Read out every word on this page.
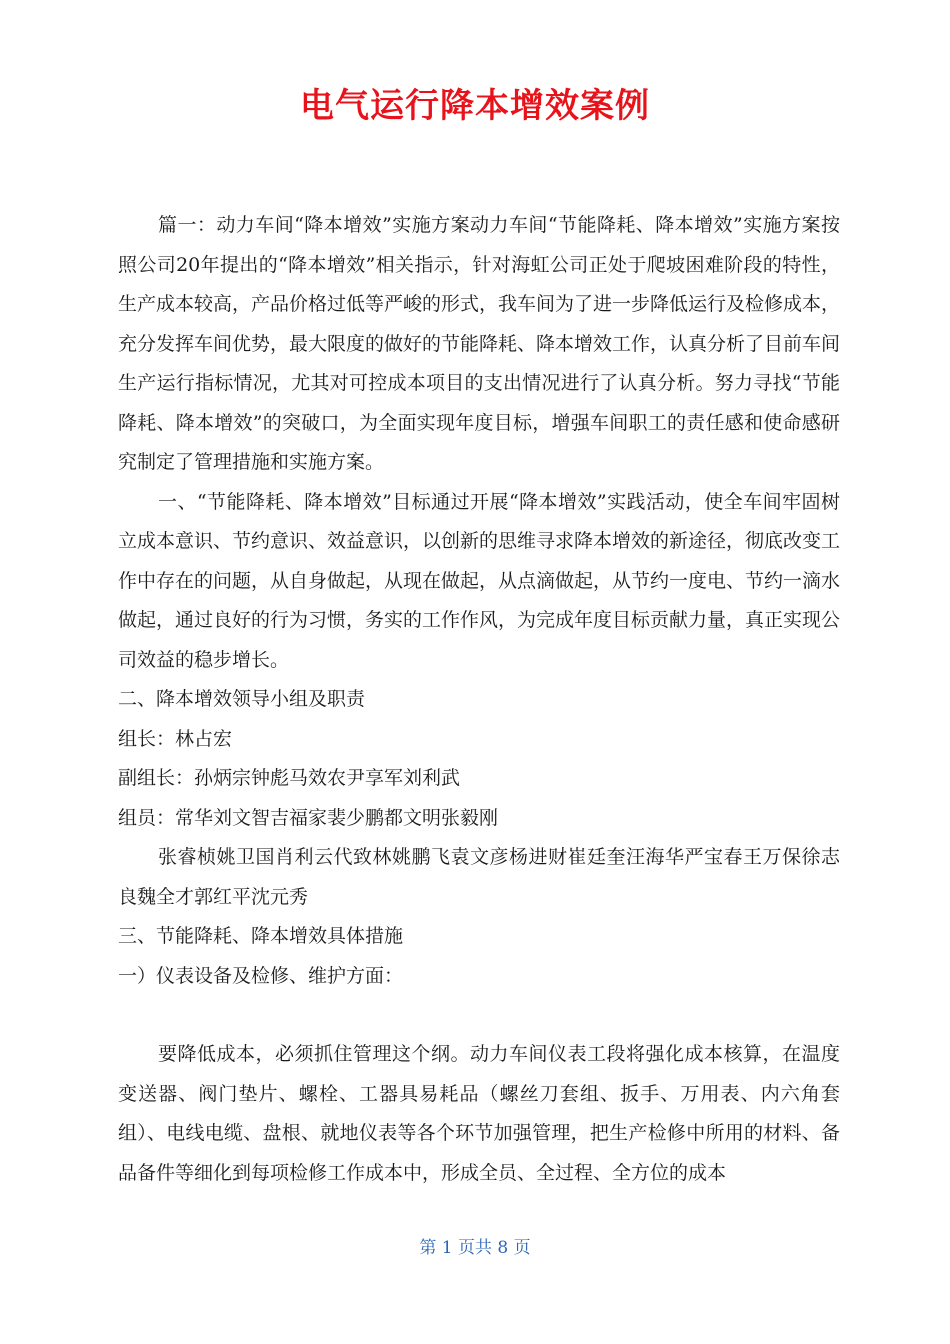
电气运行降本增效案例

篇一：动力车间“降本增效”实施方案动力车间“节能降耗、降本增效”实施方案按照公司20年提出的“降本增效”相关指示，针对海虹公司正处于爬坡困难阶段的特性，生产成本较高，产品价格过低等严峻的形式，我车间为了进一步降低运行及检修成本，充分发挥车间优势，最大限度的做好的节能降耗、降本增效工作，认真分析了目前车间生产运行指标情况，尤其对可控成本项目的支出情况进行了认真分析。努力寻找“节能降耗、降本增效”的突破口，为全面实现年度目标，增强车间职工的责任感和使命感研究制定了管理措施和实施方案。

一、“节能降耗、降本增效”目标通过开展“降本增效”实践活动，使全车间牢固树立成本意识、节约意识、效益意识，以创新的思维寻求降本增效的新途径，彻底改变工作中存在的问题，从自身做起，从现在做起，从点滴做起，从节约一度电、节约一滴水做起，通过良好的行为习惯，务实的工作作风，为完成年度目标贡献力量，真正实现公司效益的稳步增长。

二、降本增效领导小组及职责

组长：林占宏

副组长：孙炳宗钟彪马效农尹享军刘利武

组员：常华刘文智吉福家裴少鹏都文明张毅刚

张睿桢姚卫国肖利云代致林姚鹏飞袁文彦杨进财崔廷奎汪海华严宝春王万保徐志良魏全才郭红平沈元秀

三、节能降耗、降本增效具体措施

一）仪表设备及检修、维护方面：

要降低成本，必须抓住管理这个纲。动力车间仪表工段将强化成本核算，在温度变送器、阀门垫片、螺栓、工器具易耗品（螺丝刀套组、扳手、万用表、内六角套组）、电线电缆、盘根、就地仪表等各个环节加强管理，把生产检修中所用的材料、备品备件等细化到每项检修工作成本中，形成全员、全过程、全方位的成本

第 1 页共 8 页
